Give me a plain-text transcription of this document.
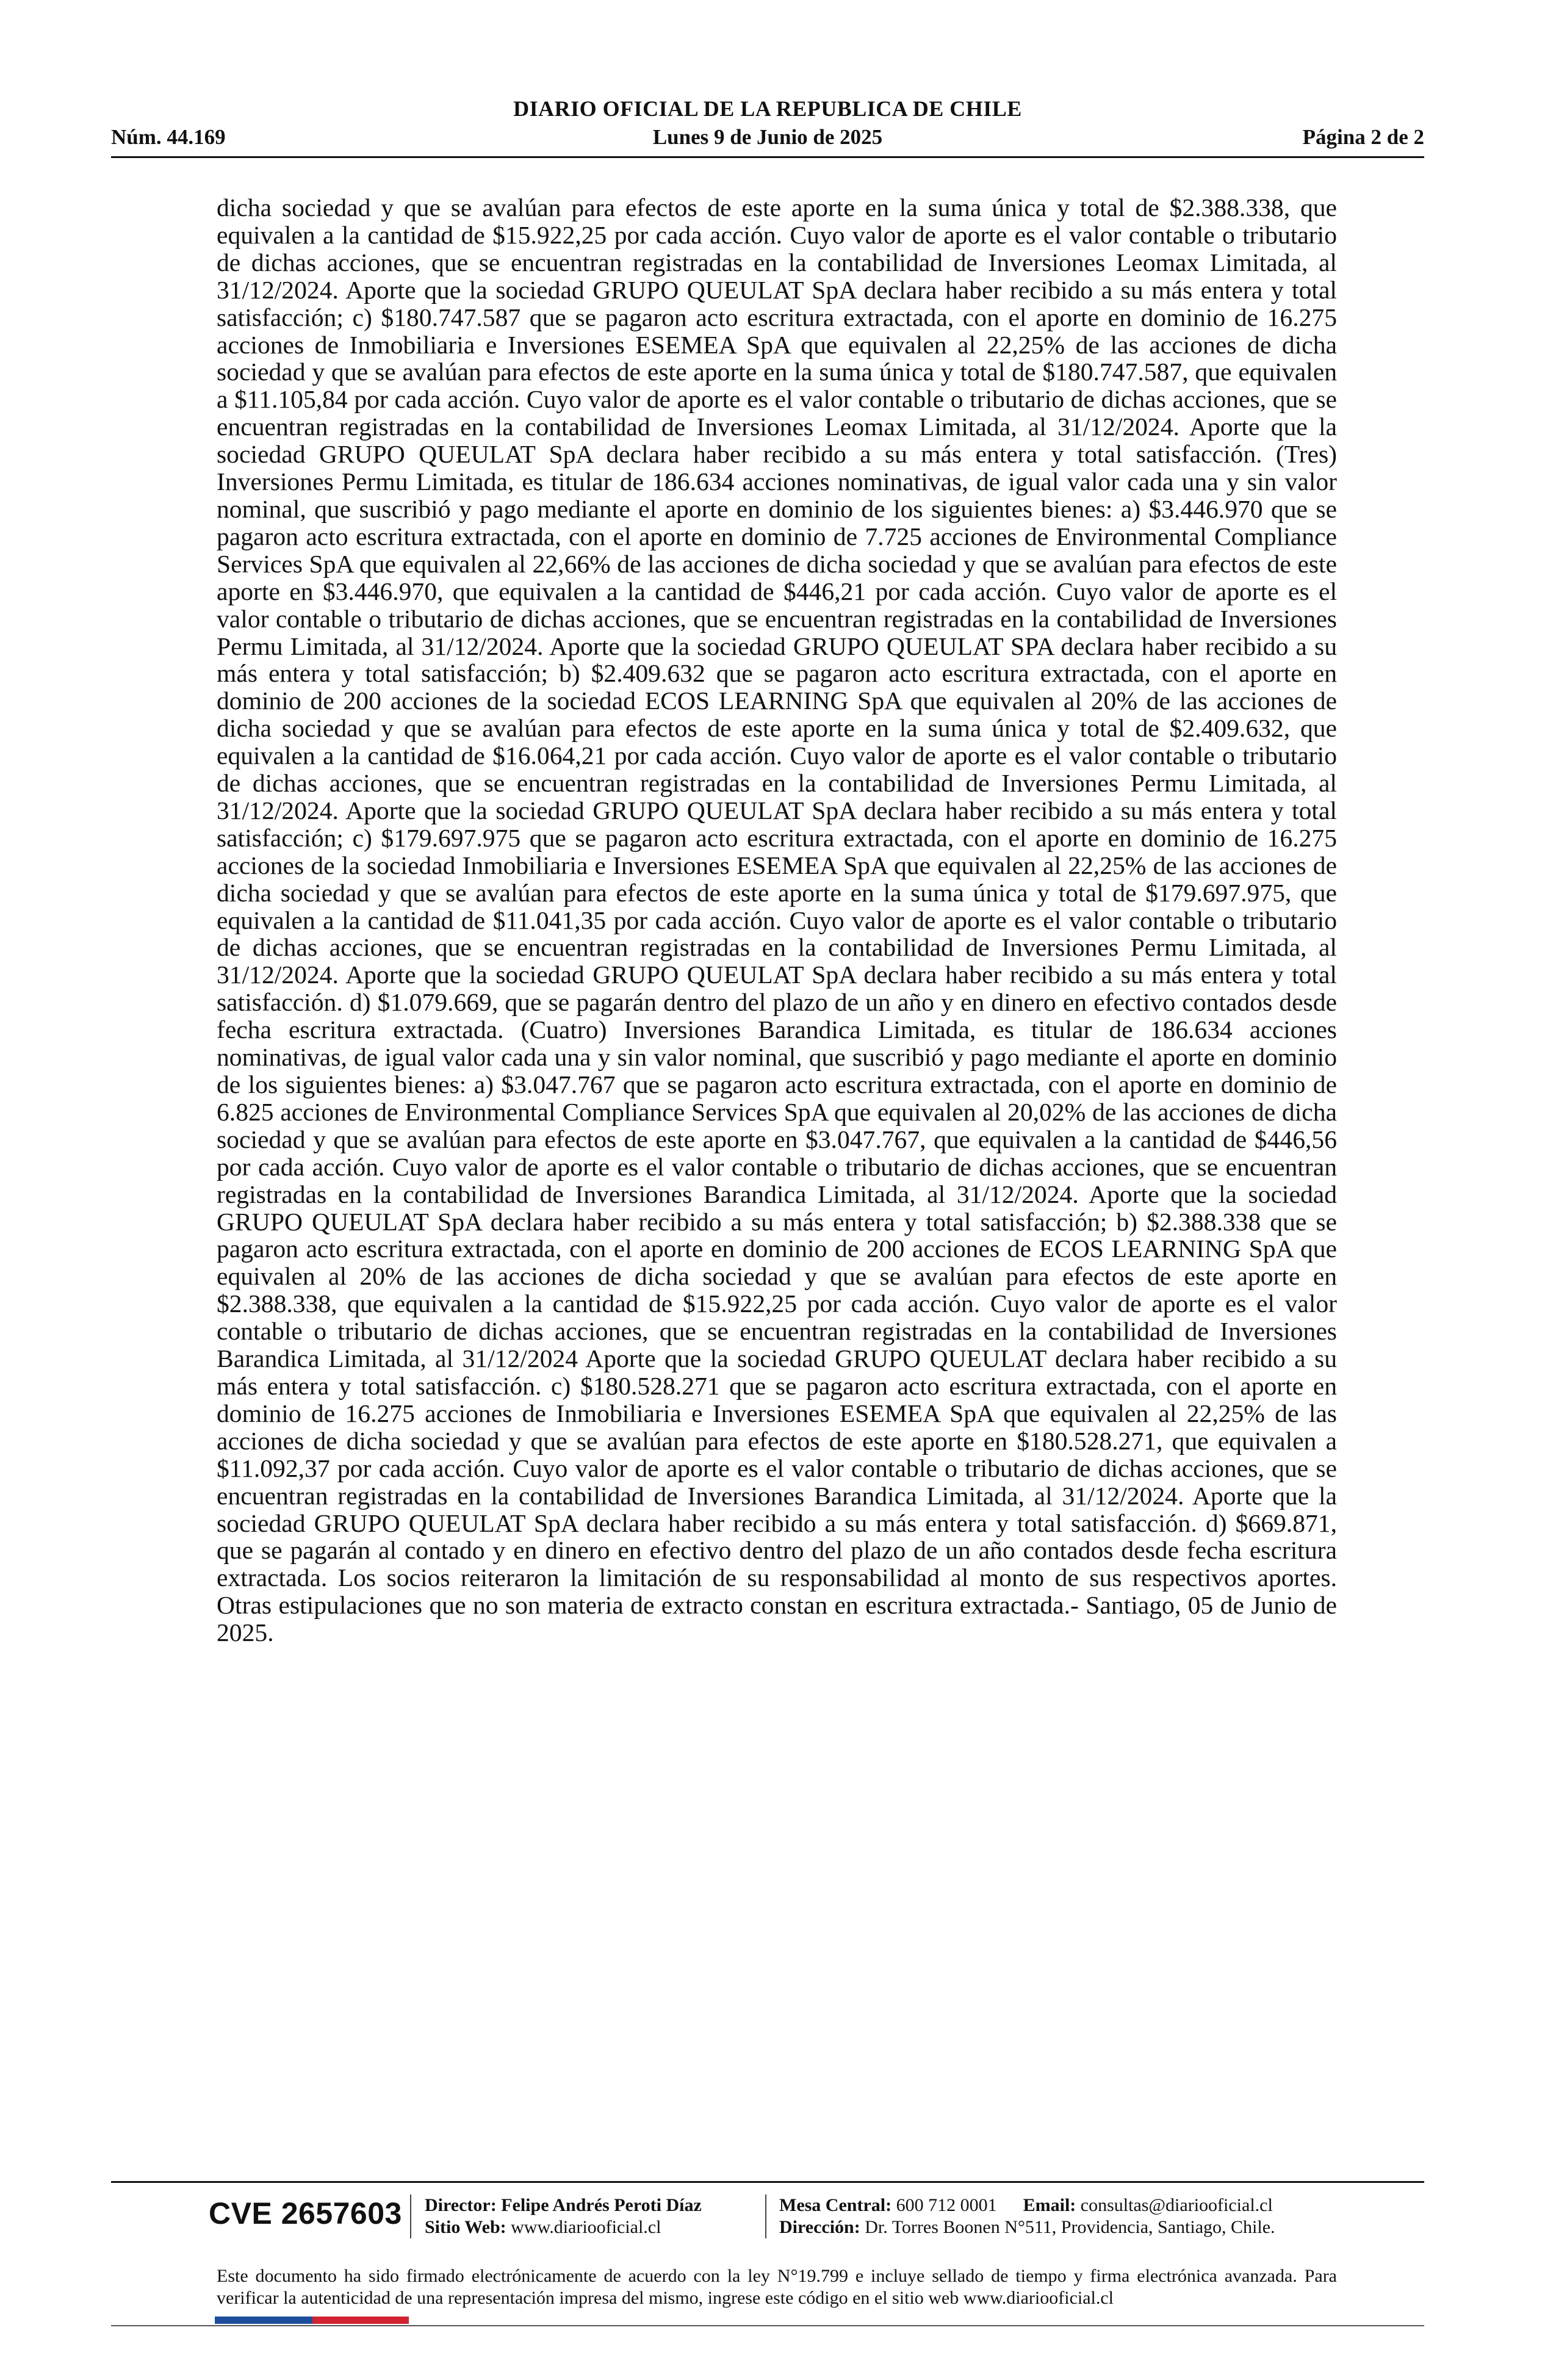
DIARIO OFICIAL DE LA REPUBLICA DE CHILE
Núm. 44.169	Lunes 9 de Junio de 2025	Página 2 de 2
dicha sociedad y que se avalúan para efectos de este aporte en la suma única y total de $2.388.338, que equivalen a la cantidad de $15.922,25 por cada acción. Cuyo valor de aporte es el valor contable o tributario de dichas acciones, que se encuentran registradas en la contabilidad de Inversiones Leomax Limitada, al 31/12/2024. Aporte que la sociedad GRUPO QUEULAT SpA declara haber recibido a su más entera y total satisfacción; c) $180.747.587 que se pagaron acto escritura extractada, con el aporte en dominio de 16.275 acciones de Inmobiliaria e Inversiones ESEMEA SpA que equivalen al 22,25% de las acciones de dicha sociedad y que se avalúan para efectos de este aporte en la suma única y total de $180.747.587, que equivalen a $11.105,84 por cada acción. Cuyo valor de aporte es el valor contable o tributario de dichas acciones, que se encuentran registradas en la contabilidad de Inversiones Leomax Limitada, al 31/12/2024. Aporte que la sociedad GRUPO QUEULAT SpA declara haber recibido a su más entera y total satisfacción. (Tres) Inversiones Permu Limitada, es titular de 186.634 acciones nominativas, de igual valor cada una y sin valor nominal, que suscribió y pago mediante el aporte en dominio de los siguientes bienes: a) $3.446.970 que se pagaron acto escritura extractada, con el aporte en dominio de 7.725 acciones de Environmental Compliance Services SpA que equivalen al 22,66% de las acciones de dicha sociedad y que se avalúan para efectos de este aporte en $3.446.970, que equivalen a la cantidad de $446,21 por cada acción. Cuyo valor de aporte es el valor contable o tributario de dichas acciones, que se encuentran registradas en la contabilidad de Inversiones Permu Limitada, al 31/12/2024. Aporte que la sociedad GRUPO QUEULAT SPA declara haber recibido a su más entera y total satisfacción; b) $2.409.632 que se pagaron acto escritura extractada, con el aporte en dominio de 200 acciones de la sociedad ECOS LEARNING SpA que equivalen al 20% de las acciones de dicha sociedad y que se avalúan para efectos de este aporte en la suma única y total de $2.409.632, que equivalen a la cantidad de $16.064,21 por cada acción. Cuyo valor de aporte es el valor contable o tributario de dichas acciones, que se encuentran registradas en la contabilidad de Inversiones Permu Limitada, al 31/12/2024. Aporte que la sociedad GRUPO QUEULAT SpA declara haber recibido a su más entera y total satisfacción; c) $179.697.975 que se pagaron acto escritura extractada, con el aporte en dominio de 16.275 acciones de la sociedad Inmobiliaria e Inversiones ESEMEA SpA que equivalen al 22,25% de las acciones de dicha sociedad y que se avalúan para efectos de este aporte en la suma única y total de $179.697.975, que equivalen a la cantidad de $11.041,35 por cada acción. Cuyo valor de aporte es el valor contable o tributario de dichas acciones, que se encuentran registradas en la contabilidad de Inversiones Permu Limitada, al 31/12/2024. Aporte que la sociedad GRUPO QUEULAT SpA declara haber recibido a su más entera y total satisfacción. d) $1.079.669, que se pagarán dentro del plazo de un año y en dinero en efectivo contados desde fecha escritura extractada. (Cuatro) Inversiones Barandica Limitada, es titular de 186.634 acciones nominativas, de igual valor cada una y sin valor nominal, que suscribió y pago mediante el aporte en dominio de los siguientes bienes: a) $3.047.767 que se pagaron acto escritura extractada, con el aporte en dominio de 6.825 acciones de Environmental Compliance Services SpA que equivalen al 20,02% de las acciones de dicha sociedad y que se avalúan para efectos de este aporte en $3.047.767, que equivalen a la cantidad de $446,56 por cada acción. Cuyo valor de aporte es el valor contable o tributario de dichas acciones, que se encuentran registradas en la contabilidad de Inversiones Barandica Limitada, al 31/12/2024. Aporte que la sociedad GRUPO QUEULAT SpA declara haber recibido a su más entera y total satisfacción; b) $2.388.338 que se pagaron acto escritura extractada, con el aporte en dominio de 200 acciones de ECOS LEARNING SpA que equivalen al 20% de las acciones de dicha sociedad y que se avalúan para efectos de este aporte en $2.388.338, que equivalen a la cantidad de $15.922,25 por cada acción. Cuyo valor de aporte es el valor contable o tributario de dichas acciones, que se encuentran registradas en la contabilidad de Inversiones Barandica Limitada, al 31/12/2024 Aporte que la sociedad GRUPO QUEULAT declara haber recibido a su más entera y total satisfacción. c) $180.528.271 que se pagaron acto escritura extractada, con el aporte en dominio de 16.275 acciones de Inmobiliaria e Inversiones ESEMEA SpA que equivalen al 22,25% de las acciones de dicha sociedad y que se avalúan para efectos de este aporte en $180.528.271, que equivalen a $11.092,37 por cada acción. Cuyo valor de aporte es el valor contable o tributario de dichas acciones, que se encuentran registradas en la contabilidad de Inversiones Barandica Limitada, al 31/12/2024. Aporte que la sociedad GRUPO QUEULAT SpA declara haber recibido a su más entera y total satisfacción. d) $669.871, que se pagarán al contado y en dinero en efectivo dentro del plazo de un año contados desde fecha escritura extractada. Los socios reiteraron la limitación de su responsabilidad al monto de sus respectivos aportes. Otras estipulaciones que no son materia de extracto constan en escritura extractada.- Santiago, 05 de Junio de 2025.
CVE 2657603 Director: Felipe Andrés Peroti Díaz
Sitio Web: www.diariooficial.cl
Mesa Central: 600 712 0001 Email: consultas@diariooficial.cl
Dirección: Dr. Torres Boonen N°511, Providencia, Santiago, Chile.
Este documento ha sido firmado electrónicamente de acuerdo con la ley N°19.799 e incluye sellado de tiempo y firma electrónica avanzada. Para verificar la autenticidad de una representación impresa del mismo, ingrese este código en el sitio web www.diariooficial.cl
